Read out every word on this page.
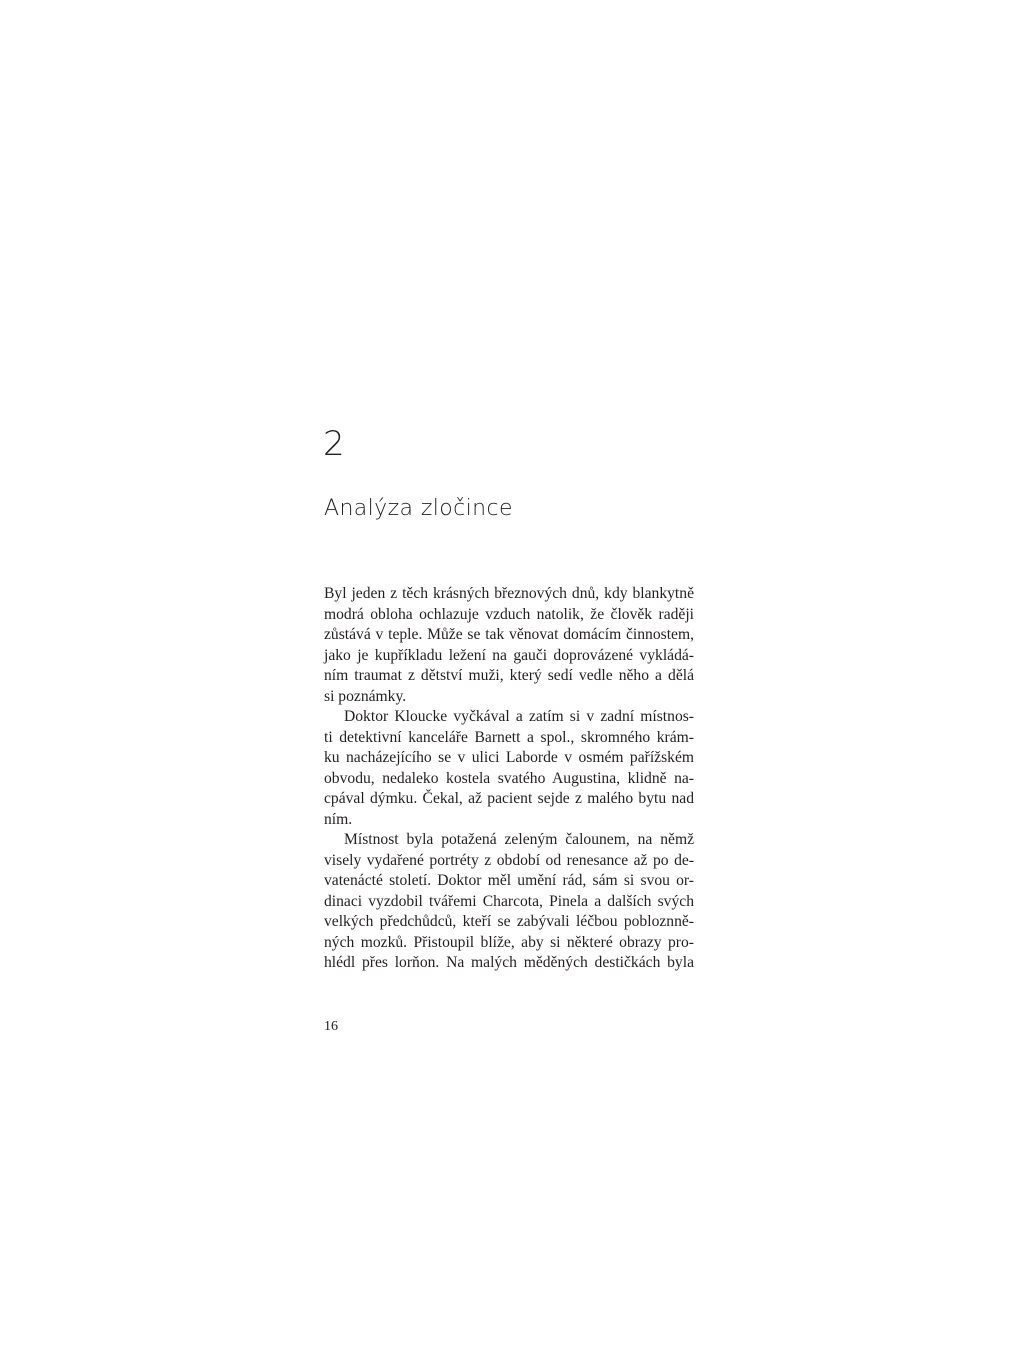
2
Analýza zločince
Byl jeden z těch krásných březnových dnů, kdy blankytně
modrá obloha ochlazuje vzduch natolik, že člověk raději
zůstává v teple. Může se tak věnovat domácím činnostem,
jako je kupříkladu ležení na gauči doprovázené vykládá-
ním traumat z dětství muži, který sedí vedle něho a dělá
si poznámky.
Doktor Kloucke vyčkával a zatím si v zadní místnos-
ti detektivní kanceláře Barnett a spol., skromného krám-
ku nacházejícího se v ulici Laborde v osmém pařížském
obvodu, nedaleko kostela svatého Augustina, klidně na-
cpával dýmku. Čekal, až pacient sejde z malého bytu nad
ním.
Místnost byla potažená zeleným čalounem, na němž
visely vydařené portréty z období od renesance až po de-
vatenácté století. Doktor měl umění rád, sám si svou or-
dinaci vyzdobil tvářemi Charcota, Pinela a dalších svých
velkých předchůdců, kteří se zabývali léčbou pobloznně-
ných mozků. Přistoupil blíže, aby si některé obrazy pro-
hlédl přes lorňon. Na malých měděných destičkách byla
16
